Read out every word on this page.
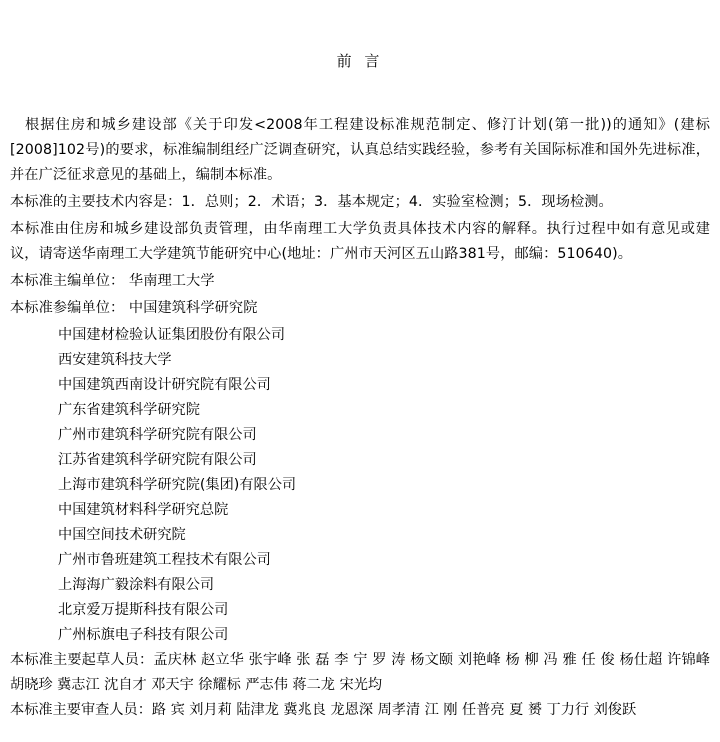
前 言

根据住房和城乡建设部《关于印发<2008年工程建设标准规范制定、修汀计划(第一批))的通知》(建标[2008]102号)的要求，标准编制组经广泛调查研究，认真总结实践经验，参考有关国际标准和国外先进标准，并在广泛征求意见的基础上，编制本标准。

本标准的主要技术内容是：1．总则；2．术语；3．基本规定；4．实验室检测；5．现场检测。

本标准由住房和城乡建设部负责管理，由华南理工大学负责具体技术内容的解释。执行过程中如有意见或建议，请寄送华南理工大学建筑节能研究中心(地址：广州市天河区五山路381号，邮编：510640)。

本标准主编单位： 华南理工大学

本标准参编单位： 中国建筑科学研究院

中国建材检验认证集团股份有限公司
西安建筑科技大学
中国建筑西南设计研究院有限公司
广东省建筑科学研究院
广州市建筑科学研究院有限公司
江苏省建筑科学研究院有限公司
上海市建筑科学研究院(集团)有限公司
中国建筑材料科学研究总院
中国空间技术研究院
广州市鲁班建筑工程技术有限公司
上海海广毅涂料有限公司
北京爱万提斯科技有限公司
广州标旗电子科技有限公司

本标准主要起草人员：孟庆林 赵立华 张宇峰 张 磊 李 宁 罗 涛 杨文颐 刘艳峰 杨 柳 冯 雅 任 俊 杨仕超 许锦峰 胡晓珍 冀志江 沈自才 邓天宇 徐耀标 严志伟 蒋二龙 宋光均

本标准主要审查人员：路 宾 刘月莉 陆津龙 冀兆良 龙恩深 周孝清 江 刚 任普亮 夏 赟 丁力行 刘俊跃
